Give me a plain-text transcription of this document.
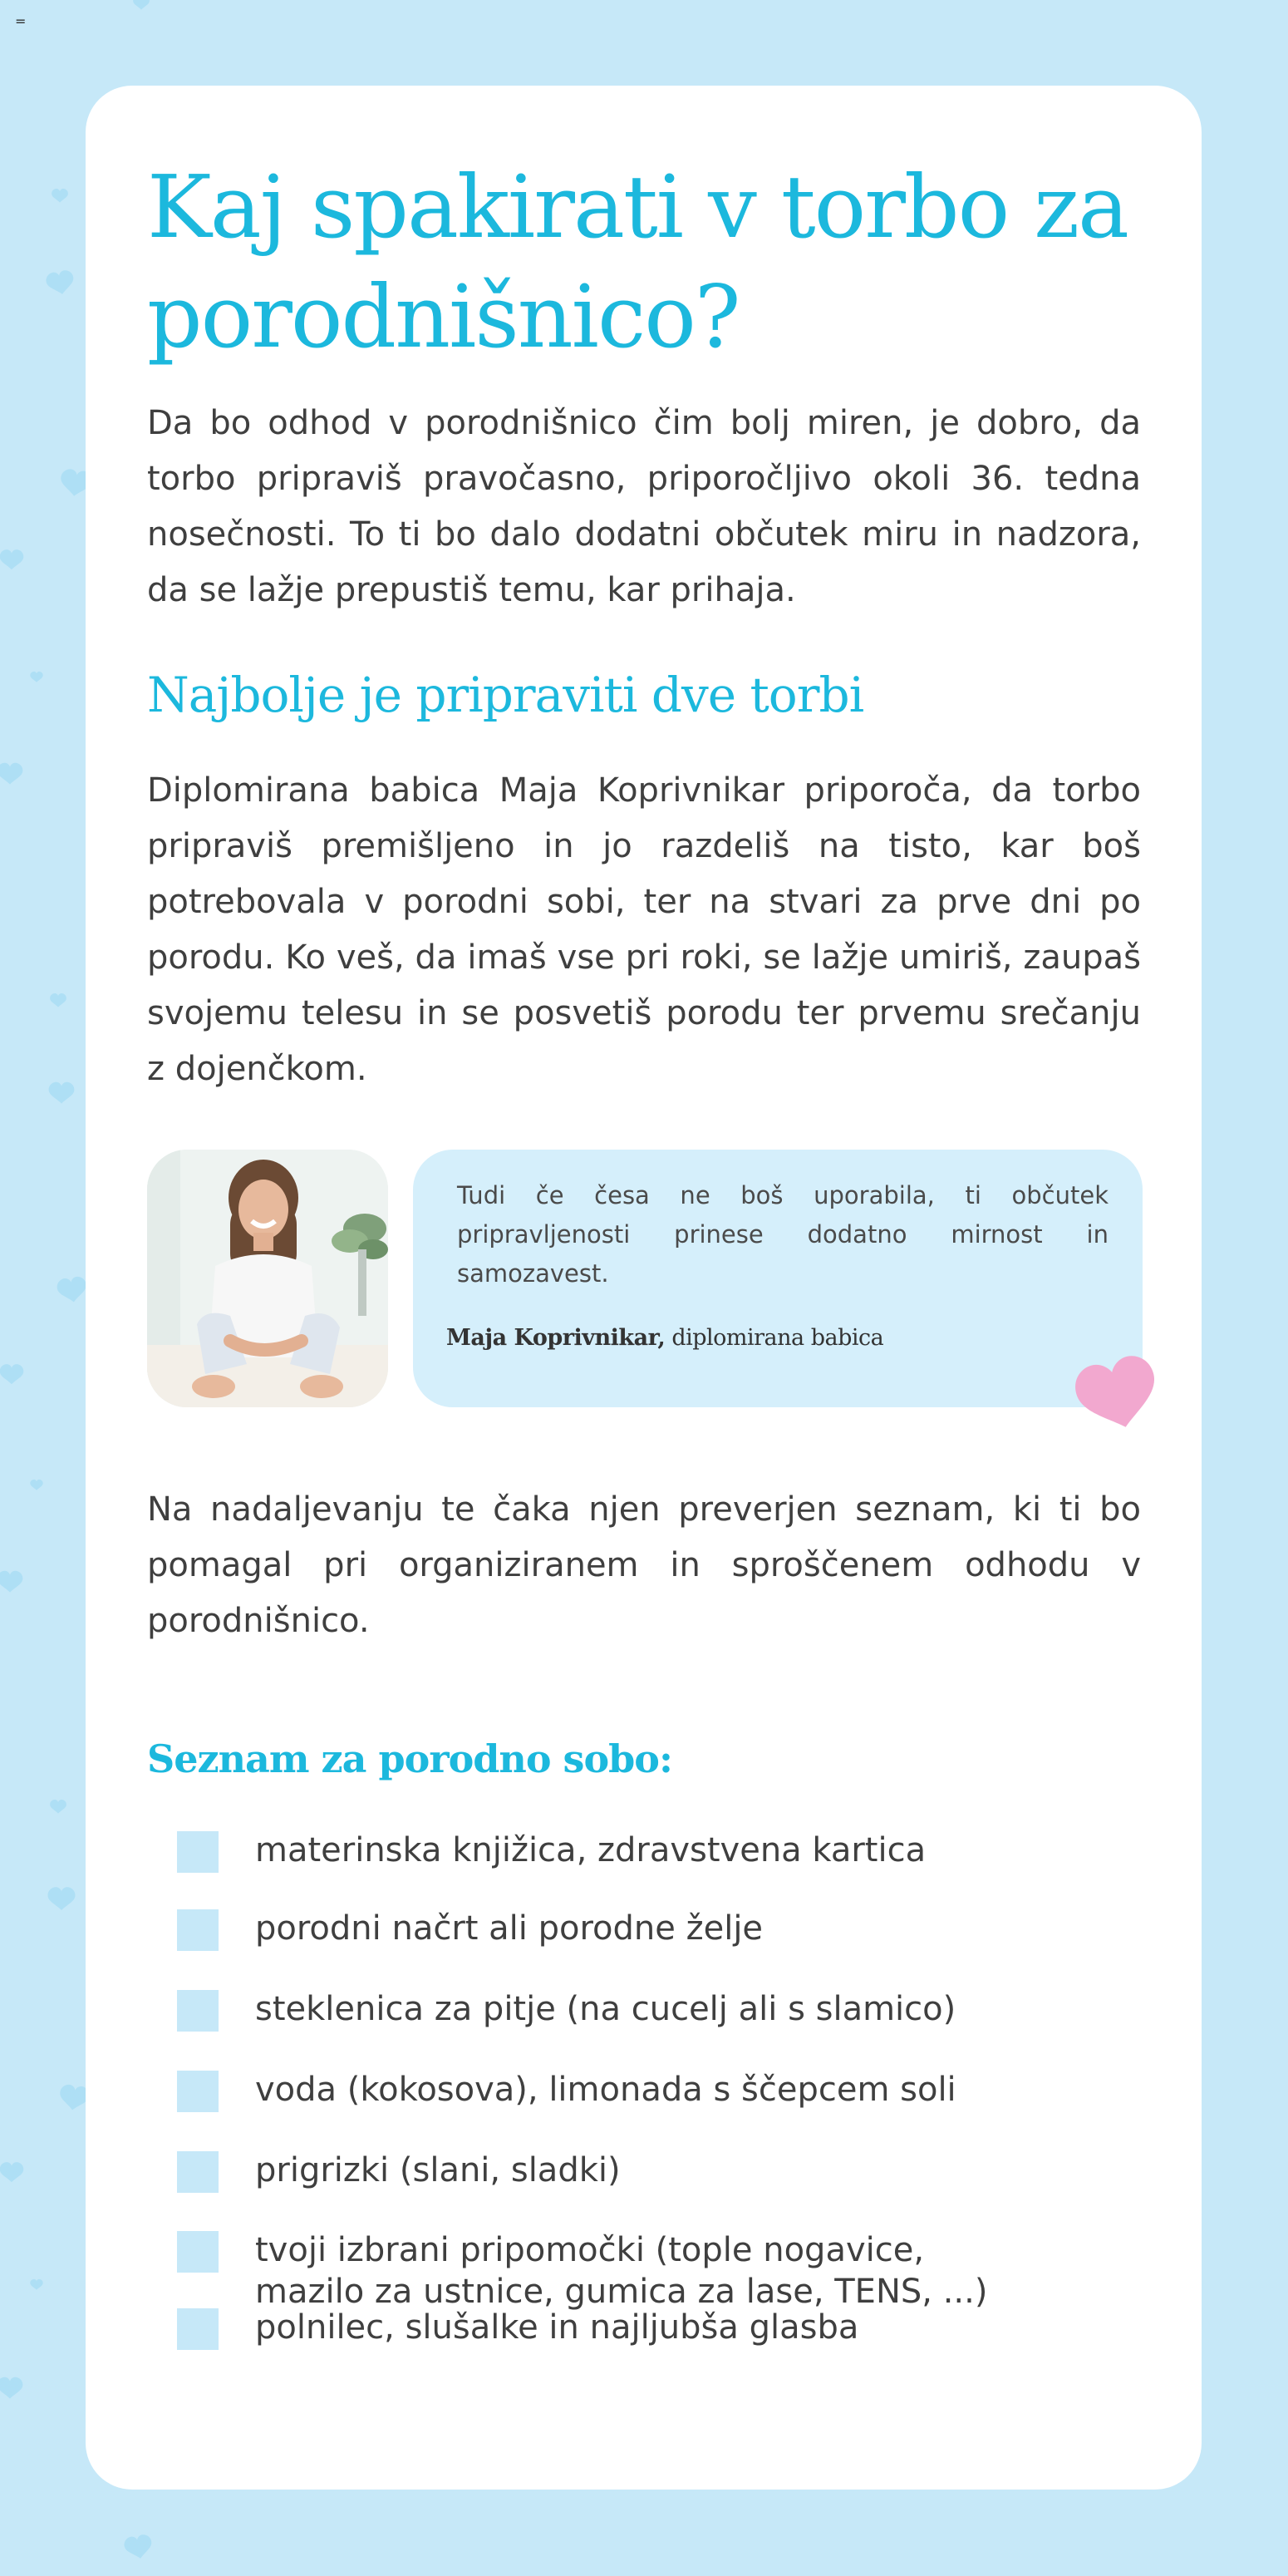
=
Kaj spakirati v torbo za porodnišnico?

Da bo odhod v porodnišnico čim bolj miren, je dobro, da torbo pripraviš pravočasno, priporočljivo okoli 36. tedna nosečnosti. To ti bo dalo dodatni občutek miru in nadzora, da se lažje prepustiš temu, kar prihaja.

Najbolje je pripraviti dve torbi

Diplomirana babica Maja Koprivnikar priporoča, da torbo pripraviš premišljeno in jo razdeliš na tisto, kar boš potrebovala v porodni sobi, ter na stvari za prve dni po porodu. Ko veš, da imaš vse pri roki, se lažje umiriš, zaupaš svojemu telesu in se posvetiš porodu ter prvemu srečanju z dojenčkom.

Tudi če česa ne boš uporabila, ti občutek pripravljenosti prinese dodatno mirnost in samozavest.

Maja Koprivnikar, diplomirana babica

Na nadaljevanju te čaka njen preverjen seznam, ki ti bo pomagal pri organiziranem in sproščenem odhodu v porodnišnico.

Seznam za porodno sobo:
materinska knjižica, zdravstvena kartica
porodni načrt ali porodne želje
steklenica za pitje (na cucelj ali s slamico)
voda (kokosova), limonada s ščepcem soli
prigrizki (slani, sladki)
tvoji izbrani pripomočki (tople nogavice,
mazilo za ustnice, gumica za lase, TENS, ...)
polnilec, slušalke in najljubša glasba
